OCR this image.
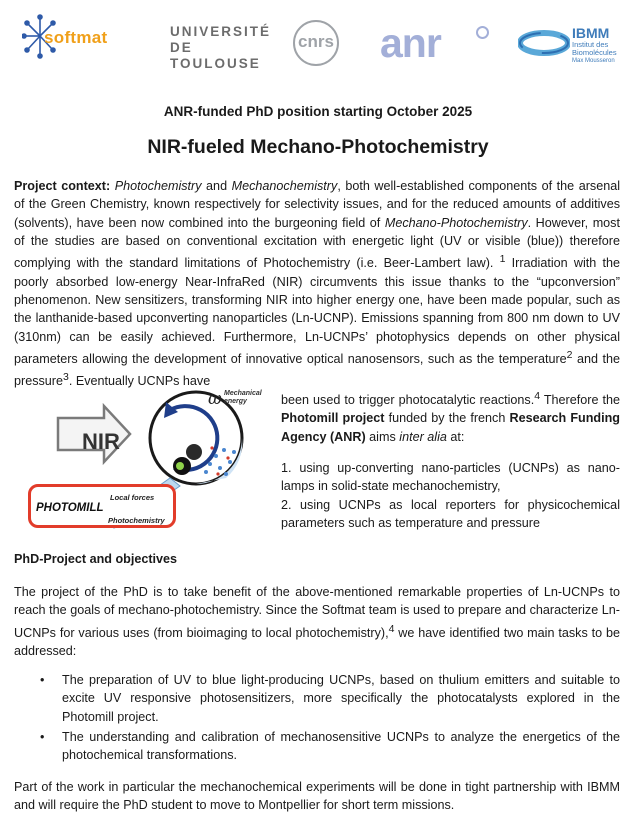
softmat	UNIVERSITÉ
DE TOULOUSE
cnrs anr	IBMM
Institut des Biomolécules
Max Mousseron
ANR-funded PhD position starting October 2025
NIR-fueled Mechano-Photochemistry

Project context: Photochemistry and Mechanochemistry, both well-established components of the arsenal of the Green Chemistry, known respectively for selectivity issues, and for the reduced amounts of additives (solvents), have been now combined into the burgeoning field of Mechano-Photochemistry. However, most of the studies are based on conventional excitation with energetic light (UV or visible (blue)) therefore complying with the standard limitations of Photochemistry (i.e. Beer-Lambert law). $^1$ Irradiation with the poorly absorbed low-energy Near-InfraRed (NIR) circumvents this issue thanks to the “upconversion” phenomenon. New sensitizers, transforming NIR into higher energy one, have been made popular, such as the lanthanide-based upconverting nanoparticles (Ln-UCNP). Emissions spanning from 800 nm down to UV (310nm) can be easily achieved. Furthermore, Ln-UCNPs’ photophysics depends on other physical parameters allowing the development of innovative optical nanosensors, such as the temperature$^2$ and the pressure$^3$. Eventually UCNPs have

been used to trigger photocatalytic reactions.$^4$ Therefore the Photomill project funded by the french Research Funding Agency (ANR) aims inter alia at:

1. using up-converting nano-particles (UCNPs) as nano-lamps in solid-state mechanochemistry,

2. using UCNPs as local reporters for physicochemical parameters such as temperature and pressure

NIR
ω Mechanical
energy
PHOTOMILL
Local forces
Photochemistry
PhD-Project and objectives

The project of the PhD is to take benefit of the above-mentioned remarkable properties of Ln-UCNPs to reach the goals of mechano-photochemistry. Since the Softmat team is used to prepare and characterize Ln-UCNPs for various uses (from bioimaging to local photochemistry),$^4$ we have identified two main tasks to be addressed:

• The preparation of UV to blue light-producing UCNPs, based on thulium emitters and suitable to excite UV responsive photosensitizers, more specifically the photocatalysts explored in the Photomill project.
• The understanding and calibration of mechanosensitive UCNPs to analyze the energetics of the photochemical transformations.

Part of the work in particular the mechanochemical experiments will be done in tight partnership with IBMM and will require the PhD student to move to Montpellier for short term missions.
